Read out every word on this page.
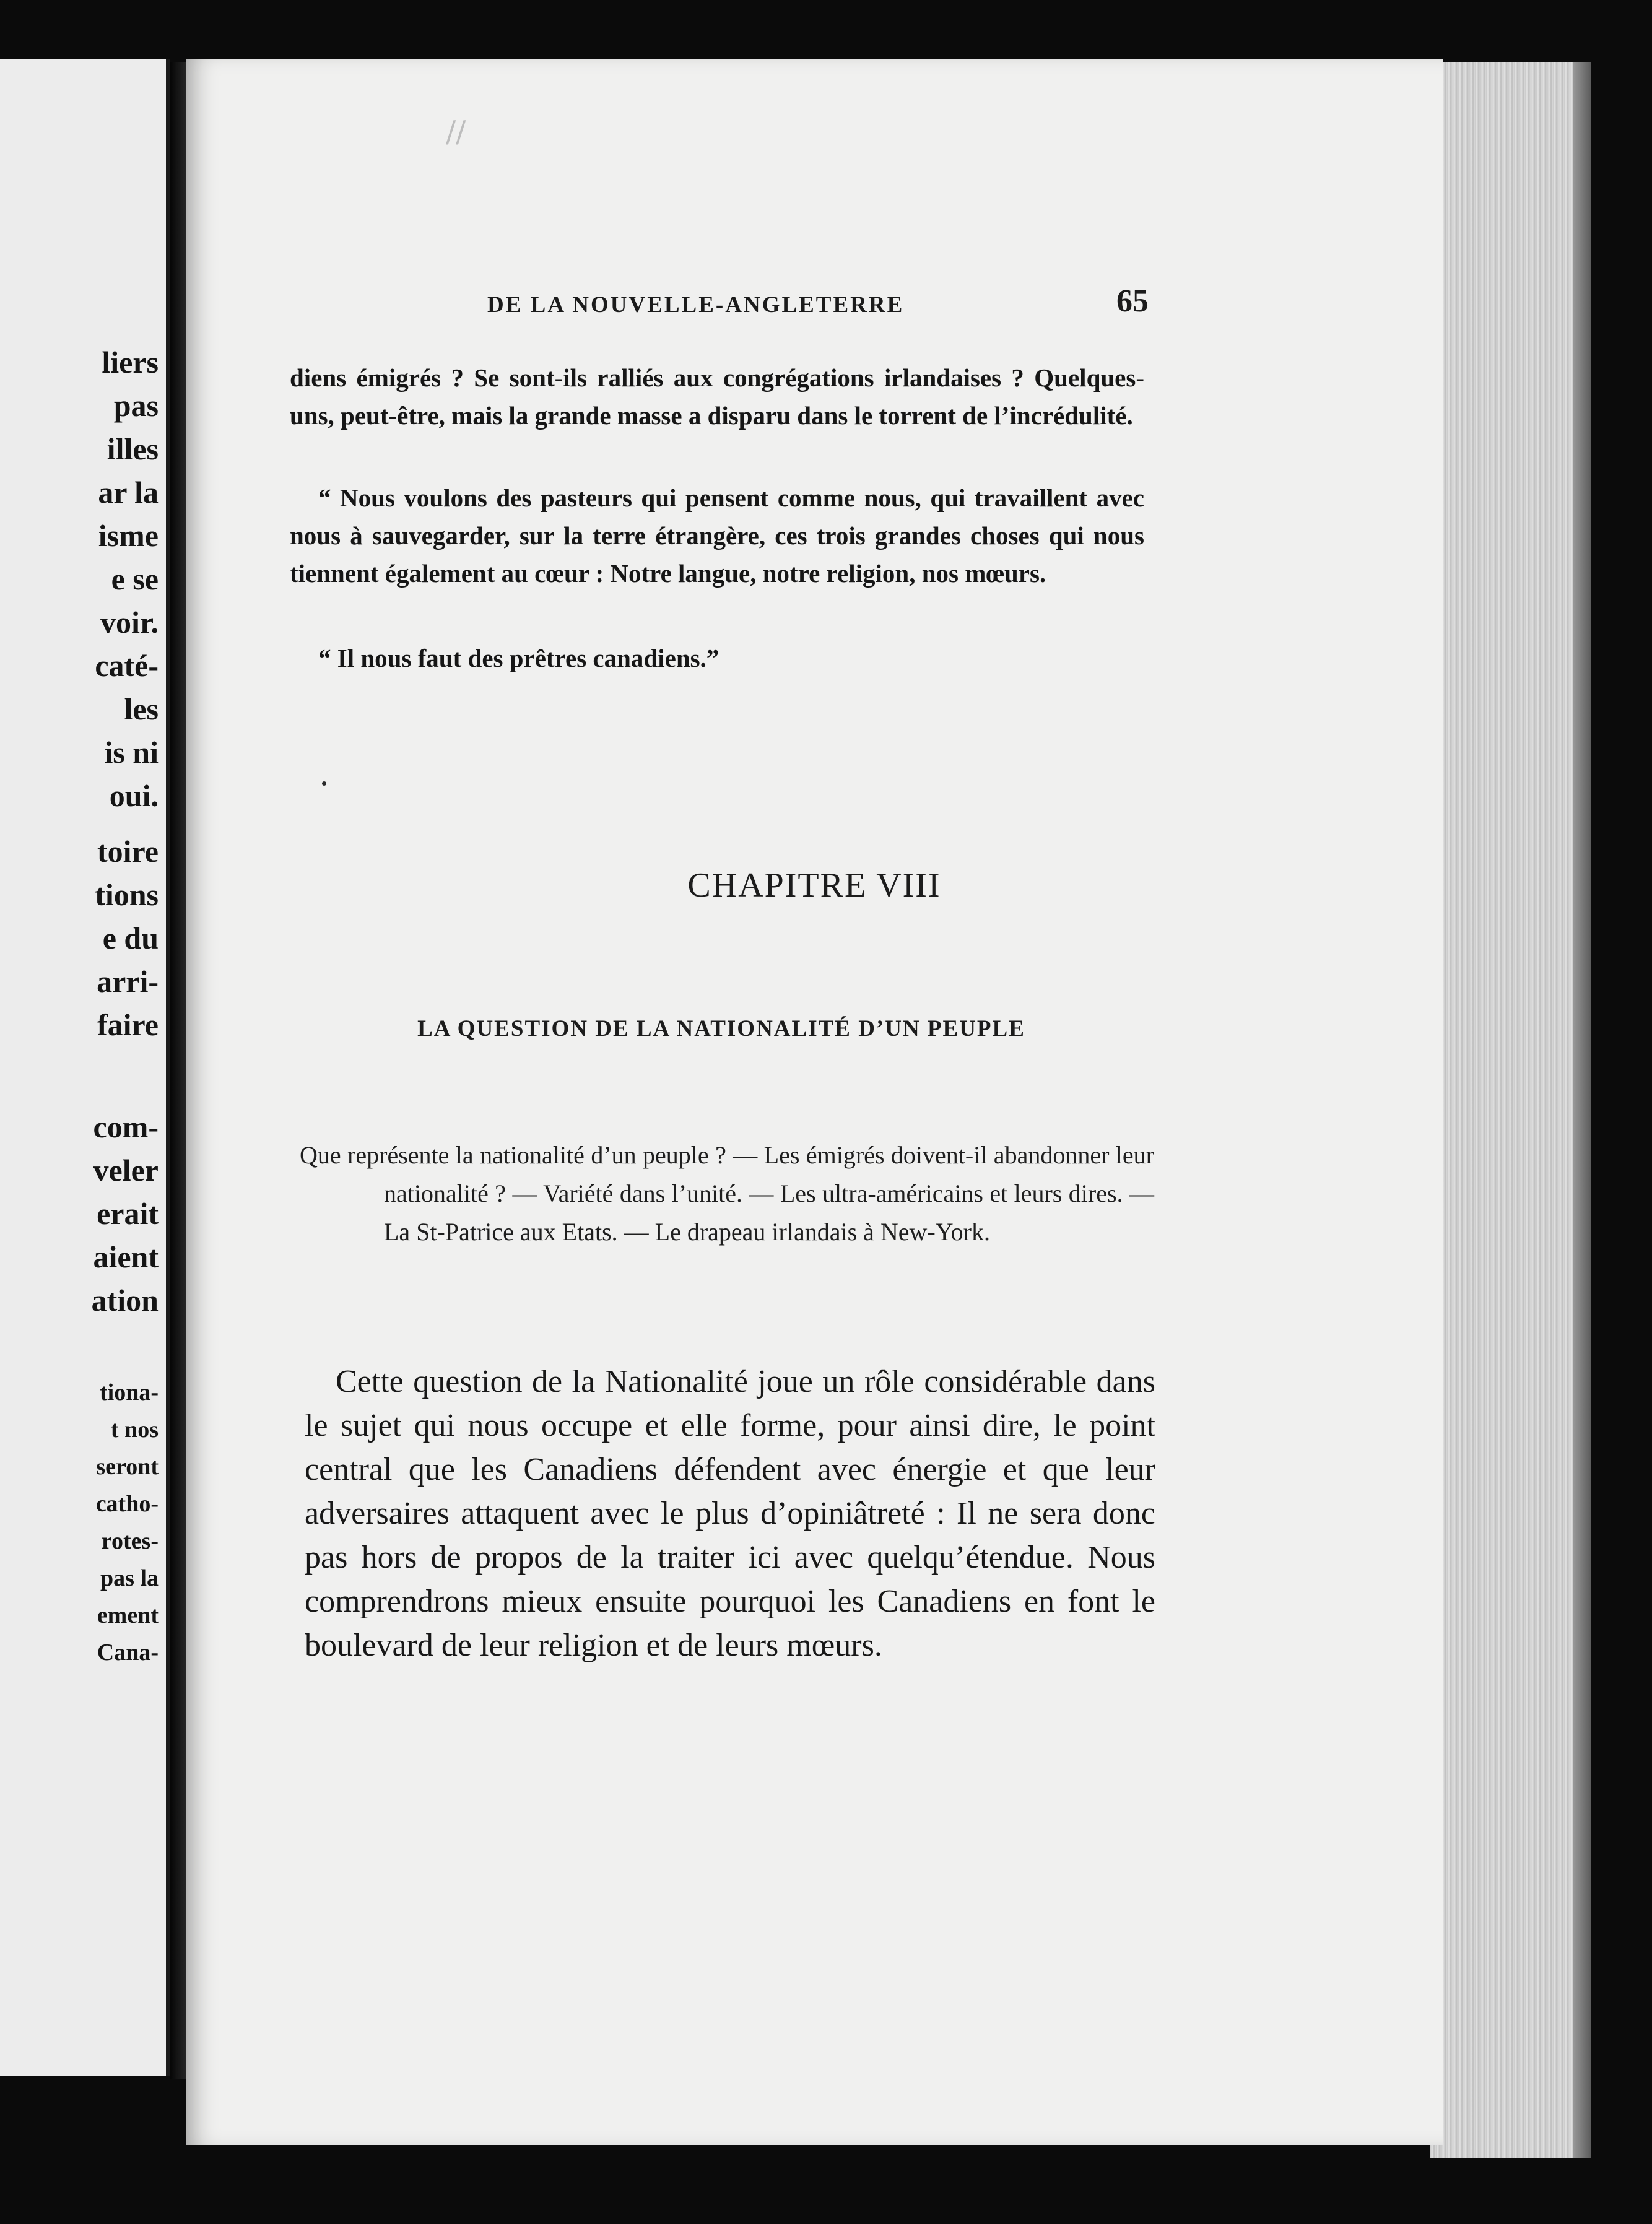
liers
pas
illes
ar la
isme
e se
voir.
caté-
les
is ni
oui.
toire
tions
e du
arri-
faire
com-
veler
erait
aient
ation
tiona-
t nos
seront
catho-
rotes-
pas la
ement
Cana-
//
DE LA NOUVELLE-ANGLETERRE	65

diens émigrés ? Se sont-ils ralliés aux congrégations irlandaises ? Quelques-uns, peut-être, mais la grande masse a disparu dans le torrent de l’incrédulité.

“ Nous voulons des pasteurs qui pensent comme nous, qui travaillent avec nous à sauvegarder, sur la terre étrangère, ces trois grandes choses qui nous tiennent également au cœur : Notre langue, notre religion, nos mœurs.

“ Il nous faut des prêtres canadiens.”

CHAPITRE VIII
LA QUESTION DE LA NATIONALITÉ D’UN PEUPLE
Que représente la nationalité d’un peuple ? — Les émigrés doivent-il abandonner leur nationalité ? — Variété dans l’unité. — Les ultra-américains et leurs dires. — La St-Patrice aux Etats. — Le drapeau irlandais à New-York.
Cette question de la Nationalité joue un rôle considérable dans le sujet qui nous occupe et elle forme, pour ainsi dire, le point central que les Canadiens défendent avec énergie et que leur adversaires attaquent avec le plus d’opiniâtreté : Il ne sera donc pas hors de propos de la traiter ici avec quelqu’étendue. Nous comprendrons mieux ensuite pourquoi les Canadiens en font le boulevard de leur religion et de leurs mœurs.
